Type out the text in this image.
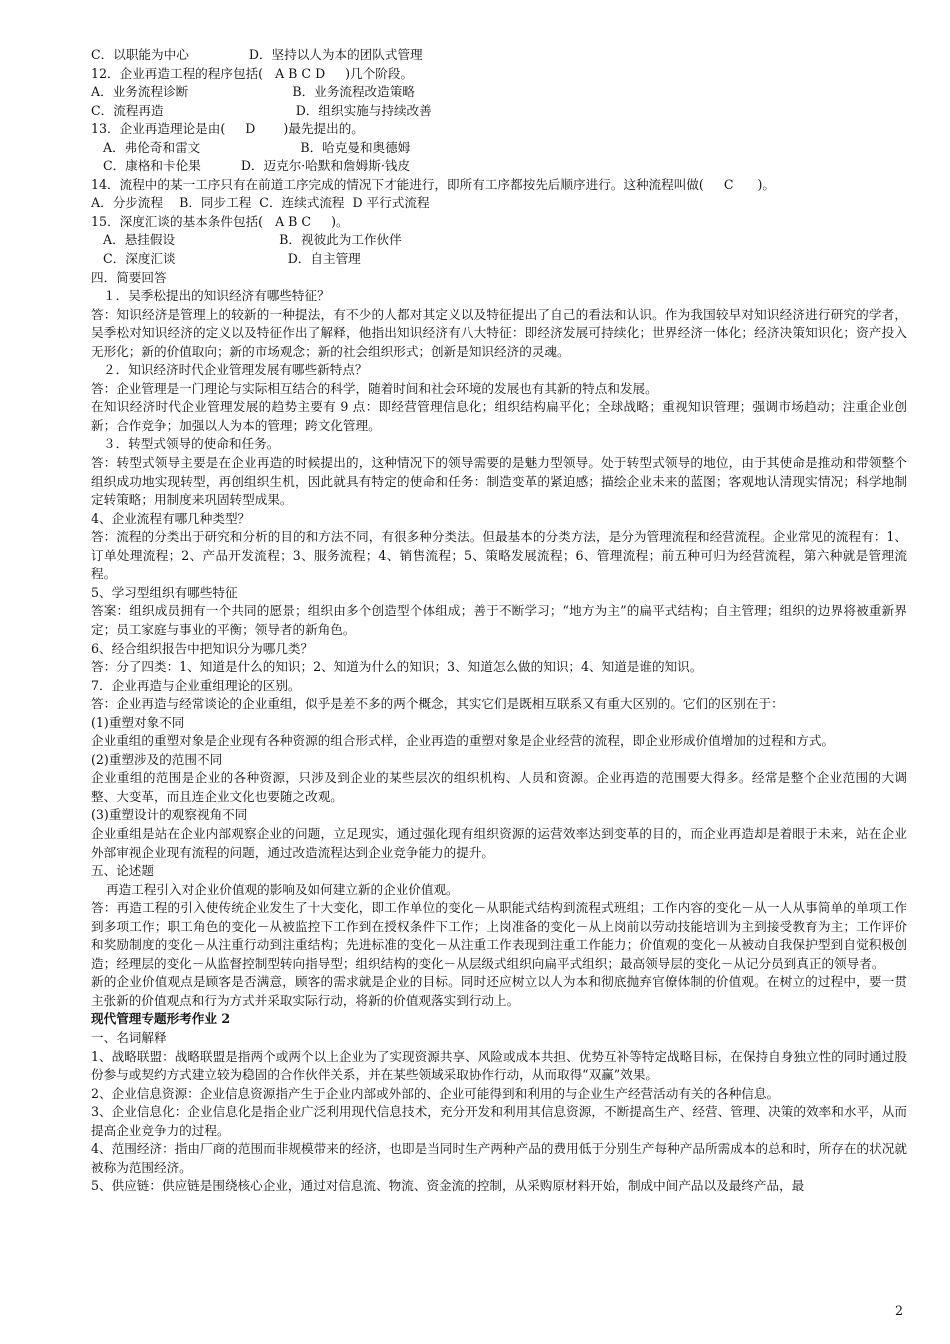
C．以职能为中心               D．坚持以人为本的团队式管理
12．企业再造工程的程序包括(   A B C D     )几个阶段。
A．业务流程诊断                          B．业务流程改造策略
C．流程再造                                 D．组织实施与持续改善
13．企业再造理论是由(     D       )最先提出的。
A．弗伦奇和雷文                         B．哈克曼和奥德姆
C．康格和卡伦果          D．迈克尔·哈默和詹姆斯·钱皮
14．流程中的某一工序只有在前道工序完成的情况下才能进行，即所有工序都按先后顺序进行。这种流程叫做(     C      )。
A．分步流程    B．同步工程  C．连续式流程  D 平行式流程
15．深度汇谈的基本条件包括(   A B C     )。
A．悬挂假设                          B．视彼此为工作伙伴
C．深度汇谈                            D．自主管理
四．简要回答
１．吴季松提出的知识经济有哪些特征？
答：知识经济是管理上的较新的一种提法，有不少的人都对其定义以及特征提出了自己的看法和认识。作为我国较早对知识经济进行研究的学者，吴季松对知识经济的定义以及特征作出了解释，他指出知识经济有八大特征：即经济发展可持续化；世界经济一体化；经济决策知识化；资产投入无形化；新的价值取向；新的市场观念；新的社会组织形式；创新是知识经济的灵魂。
２．知识经济时代企业管理发展有哪些新特点？
答：企业管理是一门理论与实际相互结合的科学，随着时间和社会环境的发展也有其新的特点和发展。
在知识经济时代企业管理发展的趋势主要有 9 点：即经营管理信息化；组织结构扁平化；全球战略；重视知识管理；强调市场趋动；注重企业创新；合作竞争；加强以人为本的管理；跨文化管理。
３．转型式领导的使命和任务。
答：转型式领导主要是在企业再造的时候提出的，这种情况下的领导需要的是魅力型领导。处于转型式领导的地位，由于其使命是推动和带领整个组织成功地实现转型，再创组织生机，因此就具有特定的使命和任务：制造变革的紧迫感；描绘企业未来的蓝图；客观地认清现实情况；科学地制定转策略；用制度来巩固转型成果。
4、企业流程有哪几种类型？
答：流程的分类出于研究和分析的目的和方法不同，有很多种分类法。但最基本的分类方法，是分为管理流程和经营流程。企业常见的流程有：1、订单处理流程；2、产品开发流程；3、服务流程；4、销售流程；5、策略发展流程；6、管理流程；前五种可归为经营流程，第六种就是管理流程。
5、学习型组织有哪些特征
答案：组织成员拥有一个共同的愿景；组织由多个创造型个体组成；善于不断学习；“地方为主”的扁平式结构；自主管理；组织的边界将被重新界定；员工家庭与事业的平衡；领导者的新角色。
6、经合组织报告中把知识分为哪几类？
答：分了四类：1、知道是什么的知识；2、知道为什么的知识；3、知道怎么做的知识；4、知道是谁的知识。
7．企业再造与企业重组理论的区别。
答：企业再造与经常谈论的企业重组，似乎是差不多的两个概念，其实它们是既相互联系又有重大区别的。它们的区别在于：
(1)重塑对象不同
企业重组的重塑对象是企业现有各种资源的组合形式样，企业再造的重塑对象是企业经营的流程，即企业形成价值增加的过程和方式。
(2)重塑涉及的范围不同
企业重组的范围是企业的各种资源，只涉及到企业的某些层次的组织机构、人员和资源。企业再造的范围要大得多。经常是整个企业范围的大调整、大变革，而且连企业文化也要随之改观。
(3)重塑设计的观察视角不同
企业重组是站在企业内部观察企业的问题，立足现实，通过强化现有组织资源的运营效率达到变革的目的，而企业再造却是着眼于未来，站在企业外部审视企业现有流程的问题，通过改造流程达到企业竞争能力的提升。
五、论述题
再造工程引入对企业价值观的影响及如何建立新的企业价值观。
答：再造工程的引入使传统企业发生了十大变化，即工作单位的变化－从职能式结构到流程式班组；工作内容的变化－从一人从事简单的单项工作到多项工作；职工角色的变化－从被监控下工作到在授权条件下工作；上岗准备的变化－从上岗前以劳动技能培训为主到接受教育为主；工作评价和奖励制度的变化－从注重行动到注重结构；先进标准的变化－从注重工作表现到注重工作能力；价值观的变化－从被动自我保护型到自觉积极创造；经理层的变化－从监督控制型转向指导型；组织结构的变化－从层级式组织向扁平式组织；最高领导层的变化－从记分员到真正的领导者。
新的企业价值观点是顾客是否满意，顾客的需求就是企业的目标。同时还应树立以人为本和彻底抛弃官僚体制的价值观。在树立的过程中，要一贯主张新的价值观点和行为方式并采取实际行动，将新的价值观落实到行动上。
现代管理专题形考作业 2
一、名词解释
1、战略联盟：战略联盟是指两个或两个以上企业为了实现资源共享、风险或成本共担、优势互补等特定战略目标，在保持自身独立性的同时通过股份参与或契约方式建立较为稳固的合作伙伴关系，并在某些领域采取协作行动，从而取得“双赢”效果。
2、企业信息资源：企业信息资源指产生于企业内部或外部的、企业可能得到和利用的与企业生产经营活动有关的各种信息。
3、企业信息化：企业信息化是指企业广泛利用现代信息技术，充分开发和利用其信息资源，不断提高生产、经营、管理、决策的效率和水平，从而提高企业竞争力的过程。
4、范围经济：指由厂商的范围而非规模带来的经济，也即是当同时生产两种产品的费用低于分别生产每种产品所需成本的总和时，所存在的状况就被称为范围经济。
5、供应链：供应链是围绕核心企业，通过对信息流、物流、资金流的控制，从采购原材料开始，制成中间产品以及最终产品，最
2
